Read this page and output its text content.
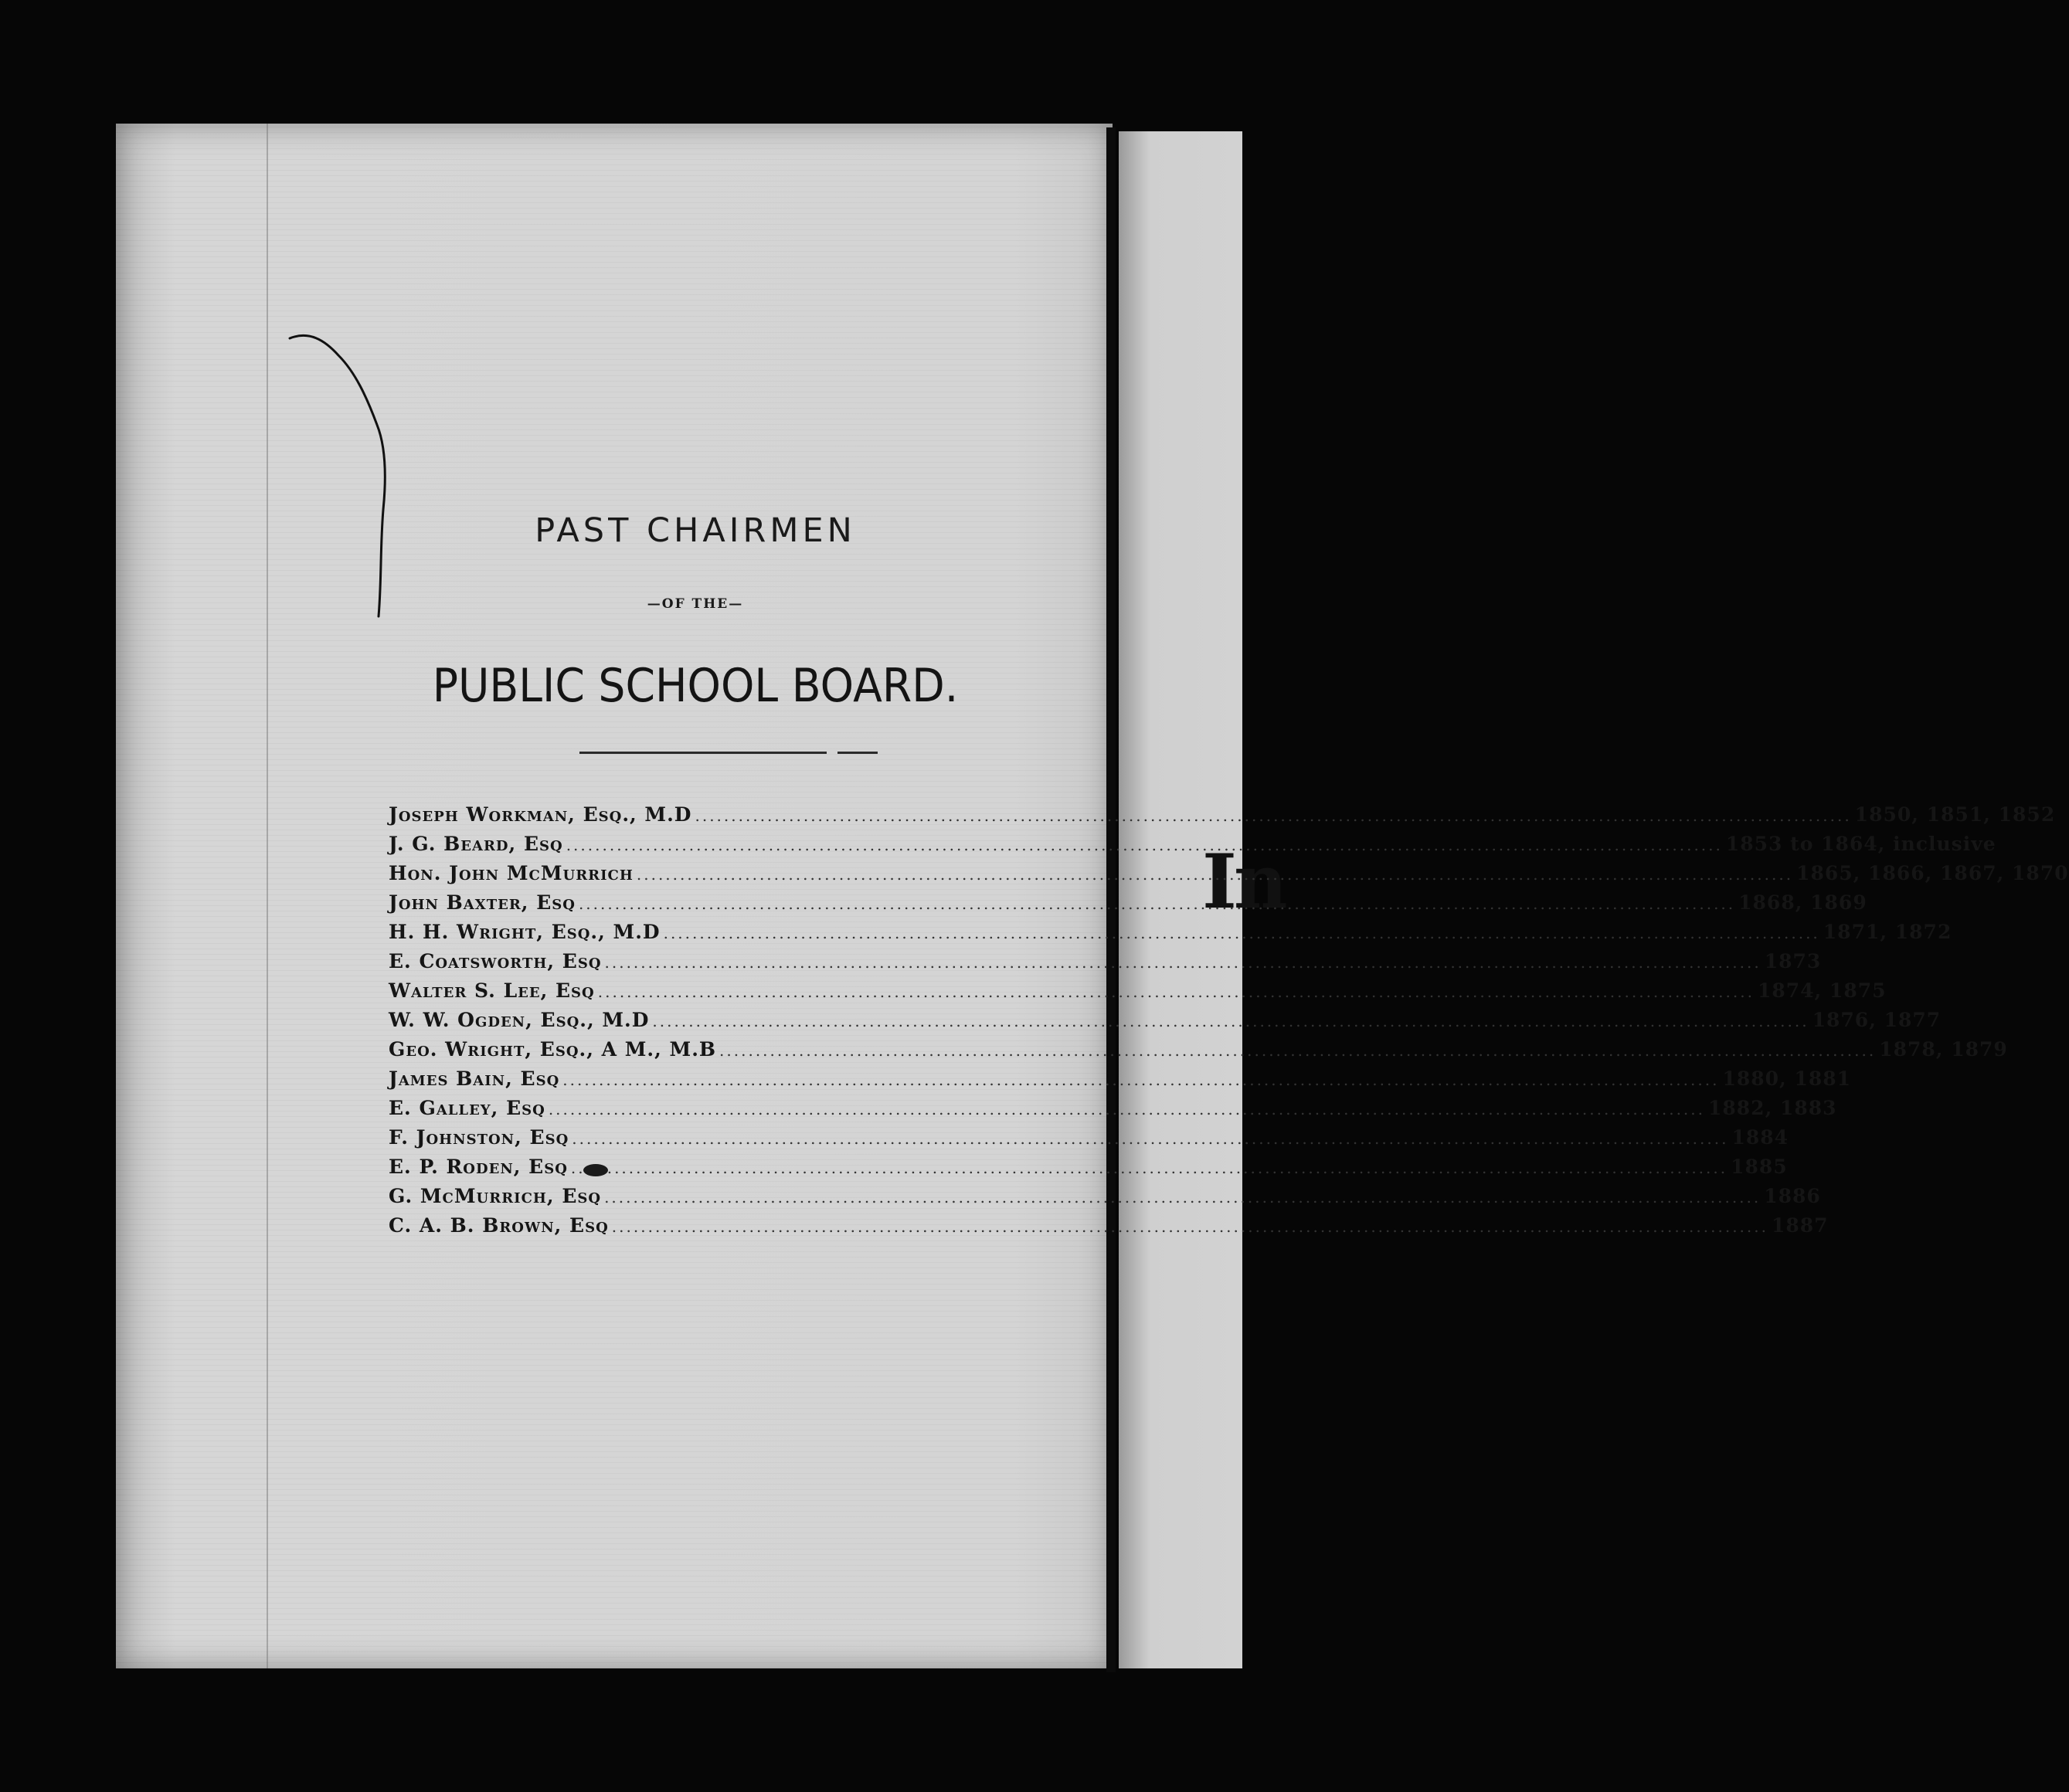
In

PAST CHAIRMEN
—OF THE—
PUBLIC SCHOOL BOARD.
Joseph Workman, Esq., M.D .....	1850, 1851, 1852
J. G. Beard, Esq .....	1853 to 1864, inclusive
Hon. John McMurrich .....	1865, 1866, 1867, 1870
John Baxter, Esq .....	1868, 1869
H. H. Wright, Esq., M.D .....	1871, 1872
E. Coatsworth, Esq .....	1873
Walter S. Lee, Esq .....	1874, 1875
W. W. Ogden, Esq., M.D .....	1876, 1877
Geo. Wright, Esq., A M., M.B .....	1878, 1879
James Bain, Esq .....	1880, 1881
E. Galley, Esq .....	1882, 1883
F. Johnston, Esq .....	1884
E. P. Roden, Esq .....	1885
G. McMurrich, Esq .....	1886
C. A. B. Brown, Esq .....	1887
